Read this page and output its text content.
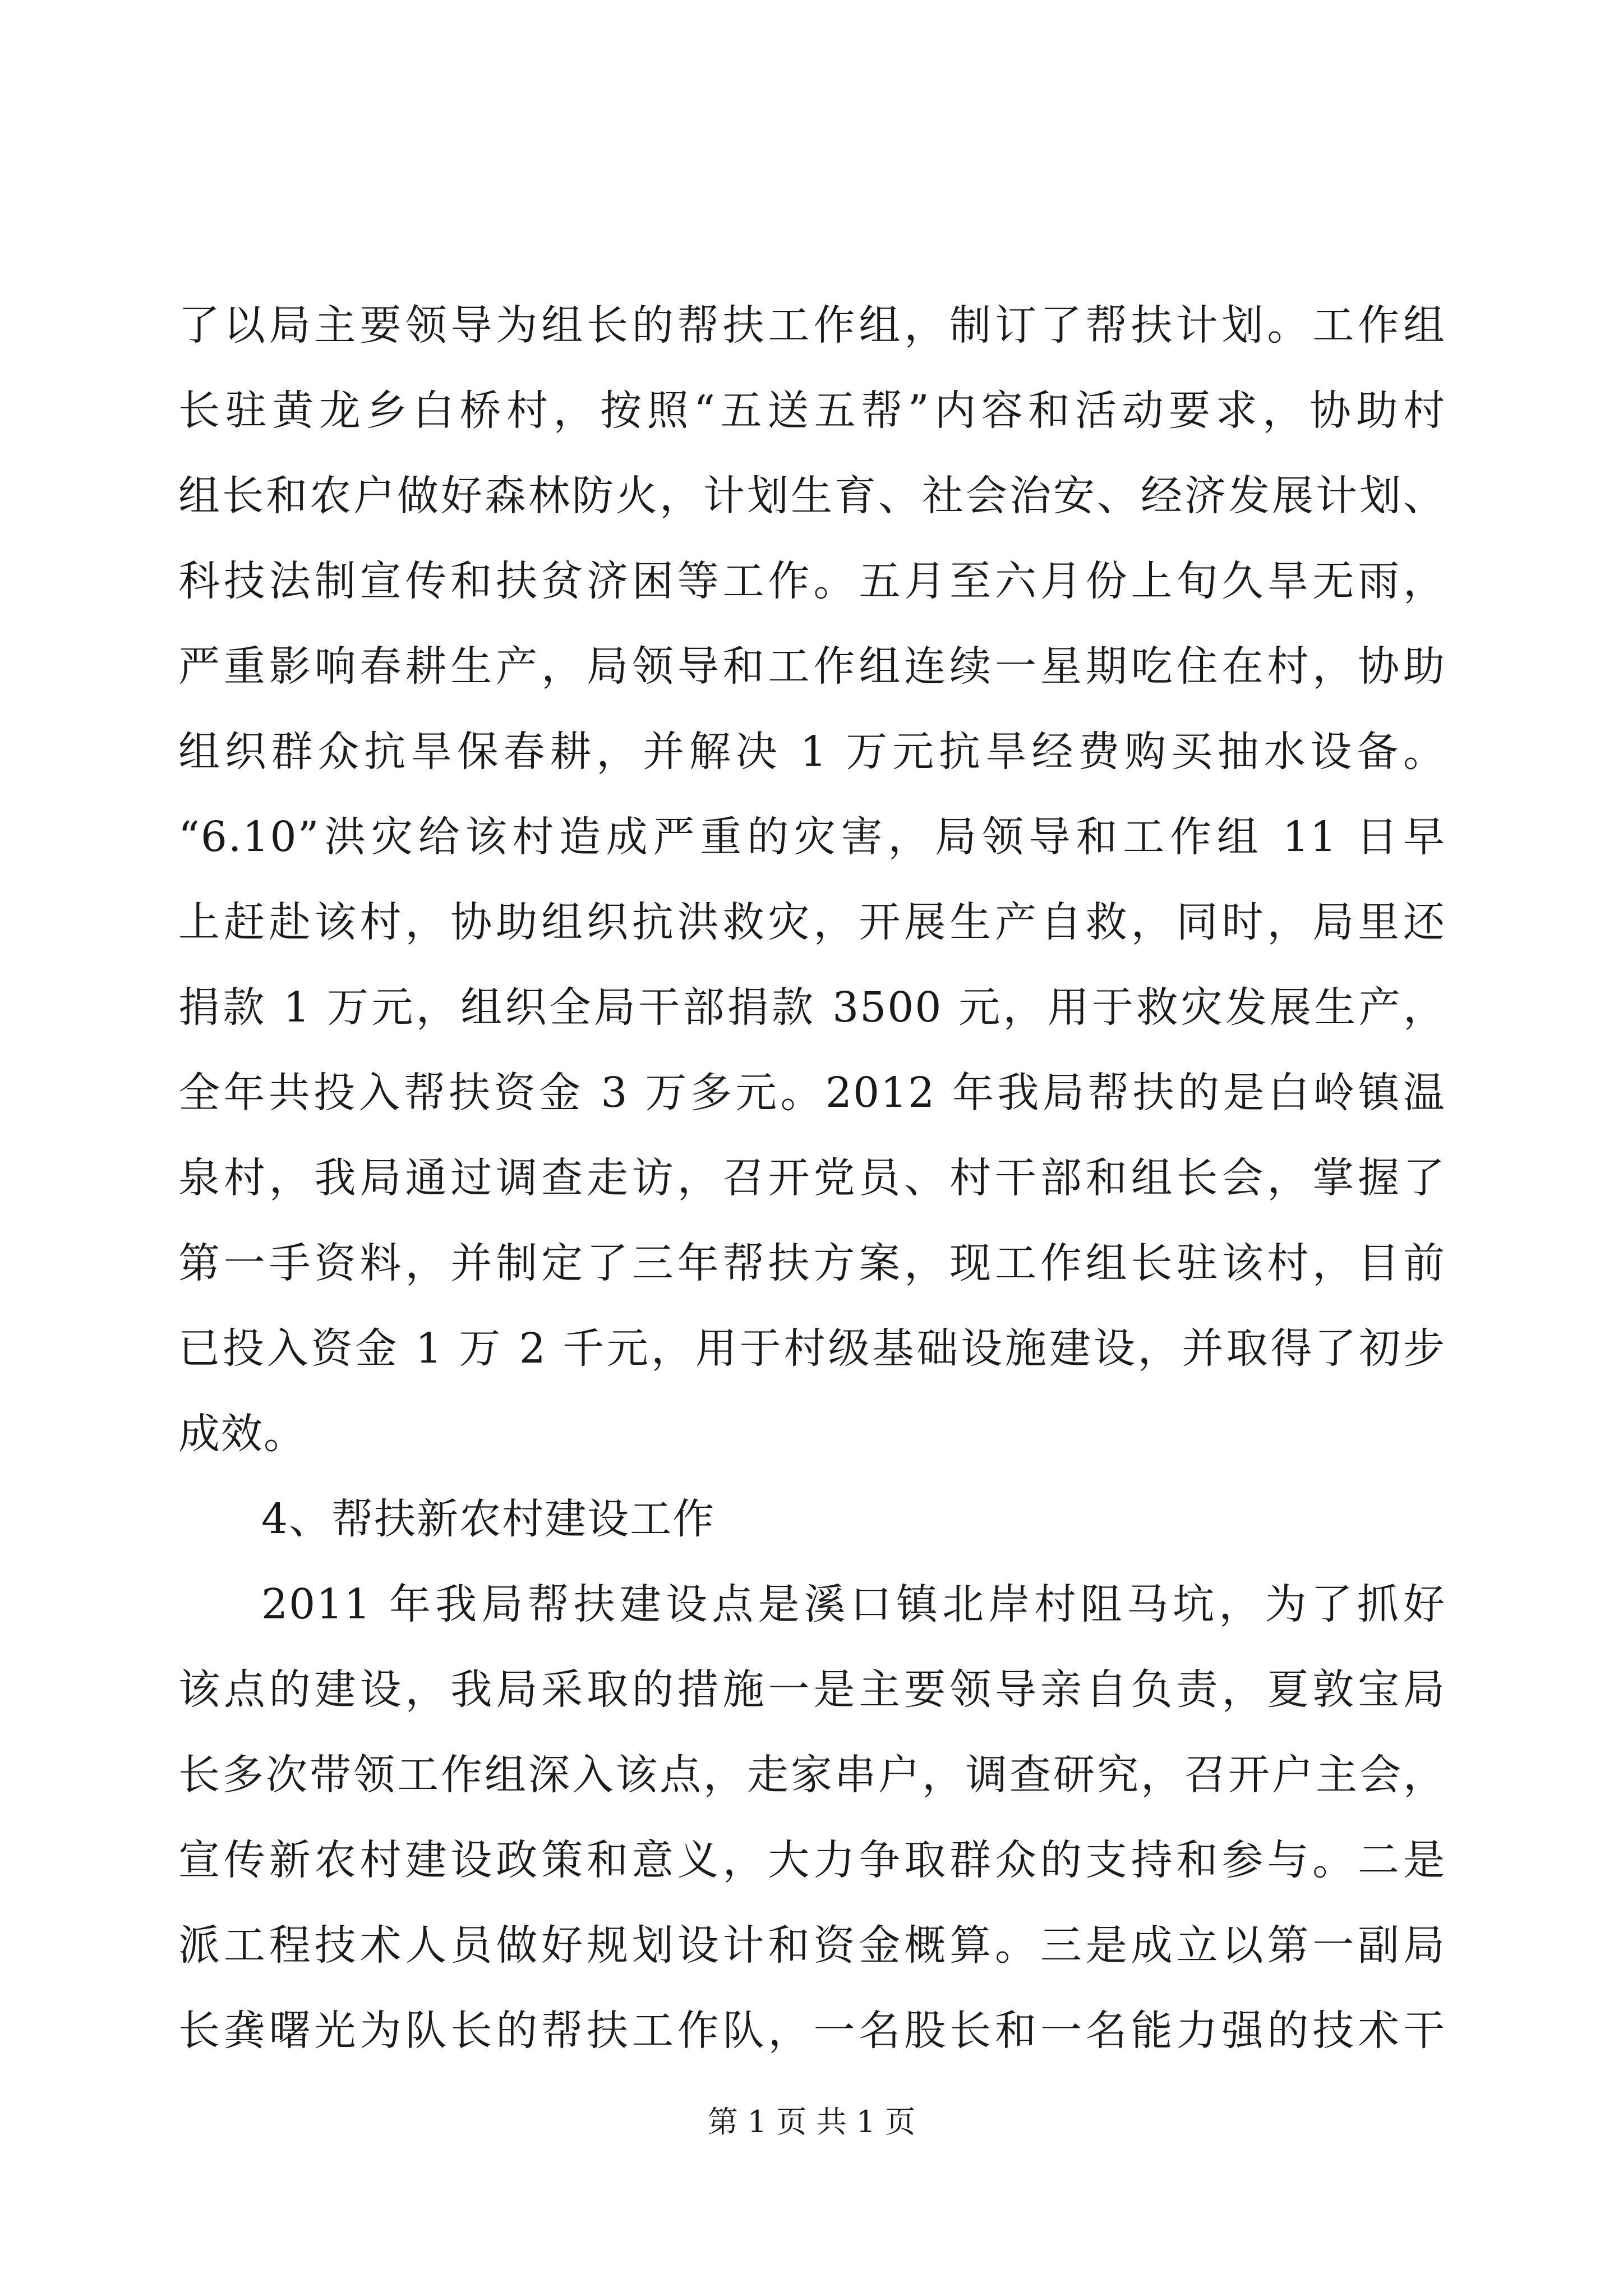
了以局主要领导为组长的帮扶工作组，制订了帮扶计划。工作组
长驻黄龙乡白桥村，按照“五送五帮”内容和活动要求，协助村
组长和农户做好森林防火，计划生育、社会治安、经济发展计划、
科技法制宣传和扶贫济困等工作。五月至六月份上旬久旱无雨，
严重影响春耕生产，局领导和工作组连续一星期吃住在村，协助
组织群众抗旱保春耕，并解决 1 万元抗旱经费购买抽水设备。
“6.10”洪灾给该村造成严重的灾害，局领导和工作组 11 日早
上赶赴该村，协助组织抗洪救灾，开展生产自救，同时，局里还
捐款 1 万元，组织全局干部捐款 3500 元，用于救灾发展生产，
全年共投入帮扶资金 3 万多元。2012 年我局帮扶的是白岭镇温
泉村，我局通过调查走访，召开党员、村干部和组长会，掌握了
第一手资料，并制定了三年帮扶方案，现工作组长驻该村，目前
已投入资金 1 万 2 千元，用于村级基础设施建设，并取得了初步
成效。
4、帮扶新农村建设工作
2011 年我局帮扶建设点是溪口镇北岸村阻马坑，为了抓好
该点的建设，我局采取的措施一是主要领导亲自负责，夏敦宝局
长多次带领工作组深入该点，走家串户，调查研究，召开户主会，
宣传新农村建设政策和意义，大力争取群众的支持和参与。二是
派工程技术人员做好规划设计和资金概算。三是成立以第一副局
长龚曙光为队长的帮扶工作队，一名股长和一名能力强的技术干
第 1 页 共 1 页
